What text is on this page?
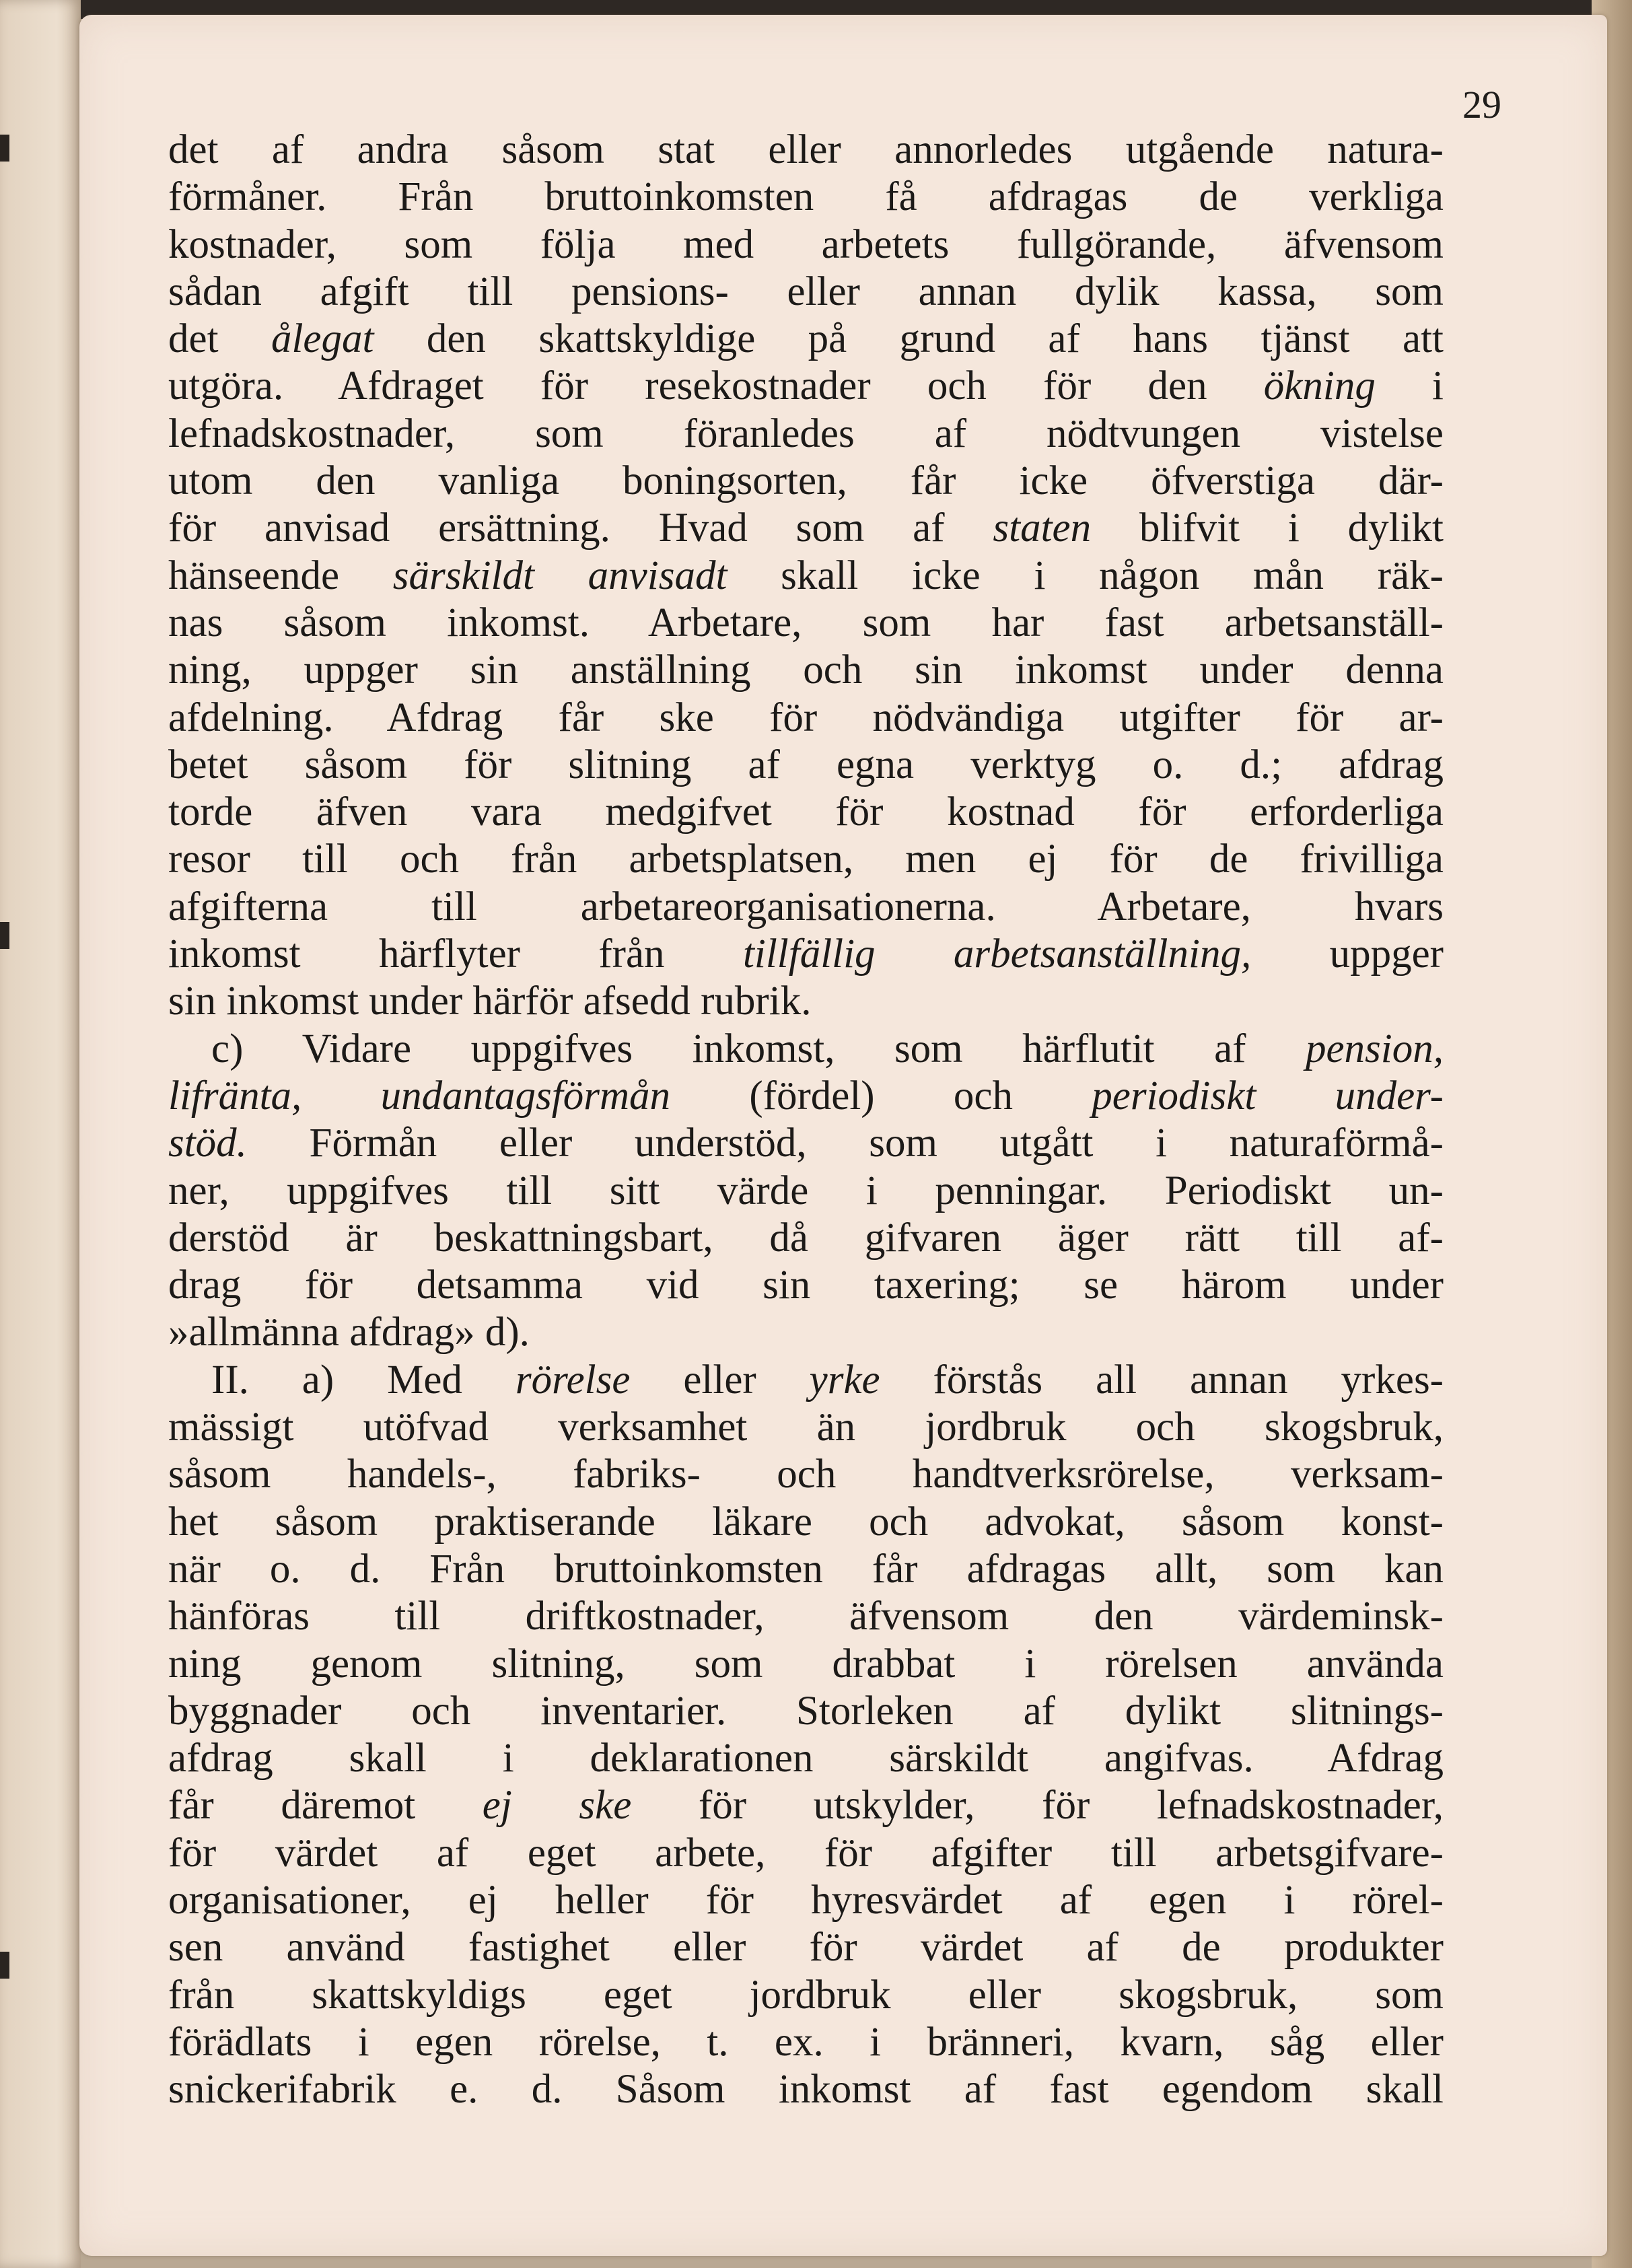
29
det af andra såsom stat eller annorledes utgående natura-
förmåner. Från bruttoinkomsten få afdragas de verkliga
kostnader, som följa med arbetets fullgörande, äfvensom
sådan afgift till pensions- eller annan dylik kassa, som
det ålegat den skattskyldige på grund af hans tjänst att
utgöra. Afdraget för resekostnader och för den ökning i
lefnadskostnader, som föranledes af nödtvungen vistelse
utom den vanliga boningsorten, får icke öfverstiga där-
för anvisad ersättning. Hvad som af staten blifvit i dylikt
hänseende särskildt anvisadt skall icke i någon mån räk-
nas såsom inkomst. Arbetare, som har fast arbetsanställ-
ning, uppger sin anställning och sin inkomst under denna
afdelning. Afdrag får ske för nödvändiga utgifter för ar-
betet såsom för slitning af egna verktyg o. d.; afdrag
torde äfven vara medgifvet för kostnad för erforderliga
resor till och från arbetsplatsen, men ej för de frivilliga
afgifterna till arbetareorganisationerna. Arbetare, hvars
inkomst härflyter från tillfällig arbetsanställning, uppger
sin inkomst under härför afsedd rubrik.
c) Vidare uppgifves inkomst, som härflutit af pension,
lifränta, undantagsförmån (fördel) och periodiskt under-
stöd. Förmån eller understöd, som utgått i naturaförmå-
ner, uppgifves till sitt värde i penningar. Periodiskt un-
derstöd är beskattningsbart, då gifvaren äger rätt till af-
drag för detsamma vid sin taxering; se härom under
»allmänna afdrag» d).
II. a) Med rörelse eller yrke förstås all annan yrkes-
mässigt utöfvad verksamhet än jordbruk och skogsbruk,
såsom handels-, fabriks- och handtverksrörelse, verksam-
het såsom praktiserande läkare och advokat, såsom konst-
när o. d. Från bruttoinkomsten får afdragas allt, som kan
hänföras till driftkostnader, äfvensom den värdeminsk-
ning genom slitning, som drabbat i rörelsen använda
byggnader och inventarier. Storleken af dylikt slitnings-
afdrag skall i deklarationen särskildt angifvas. Afdrag
får däremot ej ske för utskylder, för lefnadskostnader,
för värdet af eget arbete, för afgifter till arbetsgifvare-
organisationer, ej heller för hyresvärdet af egen i rörel-
sen använd fastighet eller för värdet af de produkter
från skattskyldigs eget jordbruk eller skogsbruk, som
förädlats i egen rörelse, t. ex. i bränneri, kvarn, såg eller
snickerifabrik e. d. Såsom inkomst af fast egendom skall
